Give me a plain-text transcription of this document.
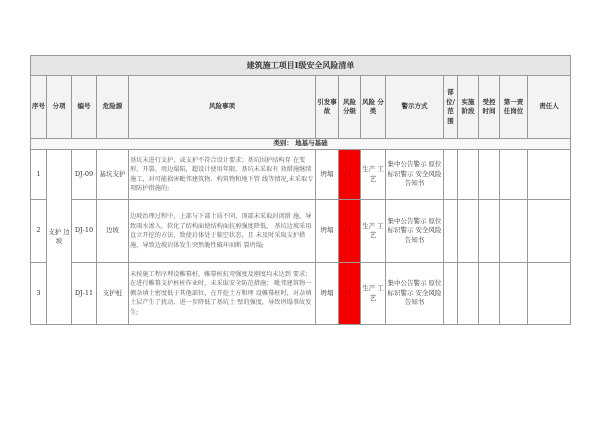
建筑施工项目Ⅰ级安全风险清单													
序号	分项	编号	危险源	风险事项	引发事故	风险分级	风险 分类	警示方式	部位/范围	实施阶段	受控时间	第一责任岗位	责任人
类别： 地基与基础													
1	支护 边坡	DJ-09	基坑支护	基坑未进行支护，或支护不符合设计要求；基坑围护结构存 在变形、开裂、周边塌陷，超设计使用年限，基坑未采取有 效措施继续施工，对可能损害毗邻建筑物、构筑物和地下管 线等情况,未采取专项防护措施的;	坍塌	Ⅰ	生产 工艺	集中公告警示 原位标识警示 安全风险告知书					
2		DJ-10	边坡	边坡治理过程中，上部与下部土质不同，顶部未采取封闭措 施，导致雨水渗入，软化了结构面使结构面抗剪强度降低， 基坑边坡采用直立开挖的方法，致使岩体处于临空状态，且 未及时采取支护措施，导致边坡岩体发生突然脆性破坏而断 裂坍塌;	坍塌	Ⅰ	生产 工艺	集中公告警示 原位标识警示 安全风险告知书					
3		DJ-11	支护桩	未按施工程序埋设帷幕桩，帷幕桩抗弯强度及刚度均未达到 要求；在进行帷幕支护桩桩作业时，未采取安全防范措施； 毗邻建筑物一侧杂填土密度低于其他部位，在开挖土方和埋 设帷幕桩时，对杂填土层产生了扰动，进一步降低了基坑土 壁的强度，导致坍塌事故发生;	坍塌	Ⅰ	生产 工艺	集中公告警示 原位标识警示 安全风险告知书					
